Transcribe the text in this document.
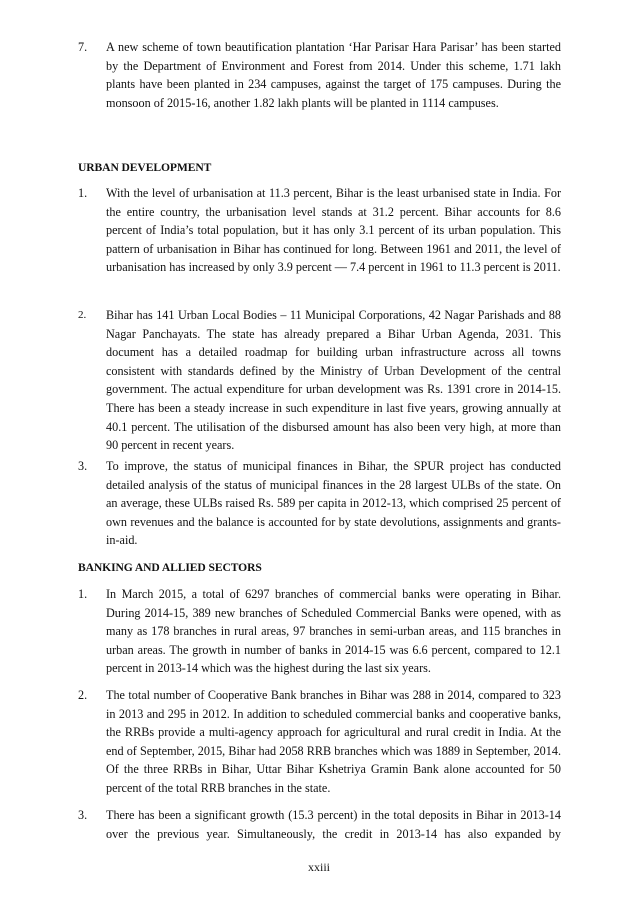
7.	A new scheme of town beautification plantation ‘Har Parisar Hara Parisar’ has been started by the Department of Environment and Forest from 2014. Under this scheme, 1.71 lakh plants have been planted in 234 campuses, against the target of 175 campuses. During the monsoon of 2015-16, another 1.82 lakh plants will be planted in 1114 campuses.
URBAN DEVELOPMENT
1.	With the level of urbanisation at 11.3 percent, Bihar is the least urbanised state in India. For the entire country, the urbanisation level stands at 31.2 percent. Bihar accounts for 8.6 percent of India’s total population, but it has only 3.1 percent of its urban population. This pattern of urbanisation in Bihar has continued for long. Between 1961 and 2011, the level of urbanisation has increased by only 3.9 percent — 7.4 percent in 1961 to 11.3 percent is 2011.
2.	Bihar has 141 Urban Local Bodies – 11 Municipal Corporations, 42 Nagar Parishads and 88 Nagar Panchayats. The state has already prepared a Bihar Urban Agenda, 2031. This document has a detailed roadmap for building urban infrastructure across all towns consistent with standards defined by the Ministry of Urban Development of the central government. The actual expenditure for urban development was Rs. 1391 crore in 2014-15. There has been a steady increase in such expenditure in last five years, growing annually at 40.1 percent. The utilisation of the disbursed amount has also been very high, at more than 90 percent in recent years.
3.	To improve, the status of municipal finances in Bihar, the SPUR project has conducted detailed analysis of the status of municipal finances in the 28 largest ULBs of the state. On an average, these ULBs raised Rs. 589 per capita in 2012-13, which comprised 25 percent of own revenues and the balance is accounted for by state devolutions, assignments and grants-in-aid.
BANKING AND ALLIED SECTORS
1.	In March 2015, a total of 6297 branches of commercial banks were operating in Bihar. During 2014-15, 389 new branches of Scheduled Commercial Banks were opened, with as many as 178 branches in rural areas, 97 branches in semi-urban areas, and 115 branches in urban areas. The growth in number of banks in 2014-15 was 6.6 percent, compared to 12.1 percent in 2013-14 which was the highest during the last six years.
2.	The total number of Cooperative Bank branches in Bihar was 288 in 2014, compared to 323 in 2013 and 295 in 2012. In addition to scheduled commercial banks and cooperative banks, the RRBs provide a multi-agency approach for agricultural and rural credit in India. At the end of September, 2015, Bihar had 2058 RRB branches which was 1889 in September, 2014. Of the three RRBs in Bihar, Uttar Bihar Kshetriya Gramin Bank alone accounted for 50 percent of the total RRB branches in the state.
3.	There has been a significant growth (15.3 percent) in the total deposits in Bihar in 2013-14 over the previous year. Simultaneously, the credit in 2013-14 has also expanded by
xxiii
